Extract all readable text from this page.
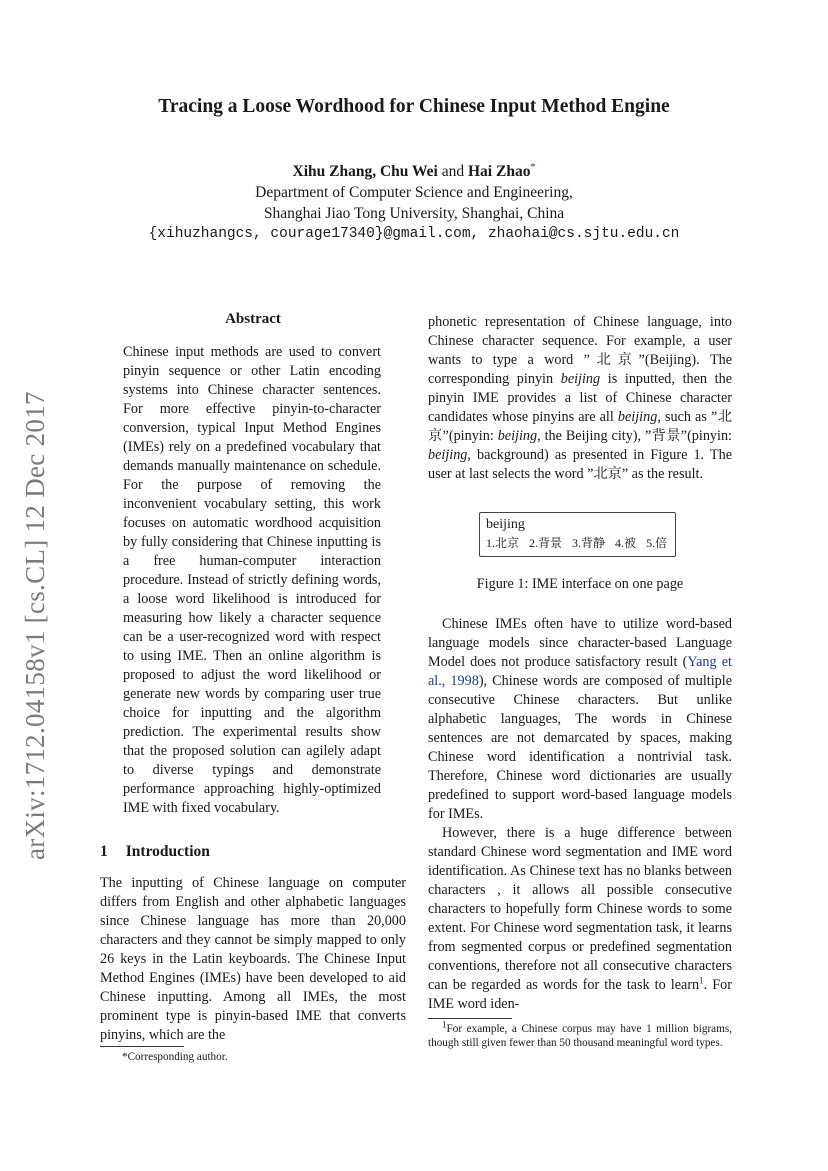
arXiv:1712.04158v1 [cs.CL] 12 Dec 2017
Tracing a Loose Wordhood for Chinese Input Method Engine
Xihu Zhang, Chu Wei and Hai Zhao*
Department of Computer Science and Engineering,
Shanghai Jiao Tong University, Shanghai, China
{xihuzhangcs, courage17340}@gmail.com, zhaohai@cs.sjtu.edu.cn
Abstract
Chinese input methods are used to convert pinyin sequence or other Latin encoding systems into Chinese character sentences. For more effective pinyin-to-character conversion, typical Input Method Engines (IMEs) rely on a predefined vocabulary that demands manually maintenance on schedule. For the purpose of removing the inconvenient vocabulary setting, this work focuses on automatic wordhood acquisition by fully considering that Chinese inputting is a free human-computer interaction procedure. Instead of strictly defining words, a loose word likelihood is introduced for measuring how likely a character sequence can be a user-recognized word with respect to using IME. Then an online algorithm is proposed to adjust the word likelihood or generate new words by comparing user true choice for inputting and the algorithm prediction. The experimental results show that the proposed solution can agilely adapt to diverse typings and demonstrate performance approaching highly-optimized IME with fixed vocabulary.
1 Introduction
The inputting of Chinese language on computer differs from English and other alphabetic languages since Chinese language has more than 20,000 characters and they cannot be simply mapped to only 26 keys in the Latin keyboards. The Chinese Input Method Engines (IMEs) have been developed to aid Chinese inputting. Among all IMEs, the most prominent type is pinyin-based IME that converts pinyins, which are the
*Corresponding author.
phonetic representation of Chinese language, into Chinese character sequence. For example, a user wants to type a word ”北京”(Beijing). The corresponding pinyin beijing is inputted, then the pinyin IME provides a list of Chinese character candidates whose pinyins are all beijing, such as ”北京”(pinyin: beijing, the Beijing city), ”背景”(pinyin: beijing, background) as presented in Figure 1. The user at last selects the word ”北京” as the result.
beijing
1.北京 2.背景 3.背静 4.被 5.倍
Figure 1: IME interface on one page

Chinese IMEs often have to utilize word-based language models since character-based Language Model does not produce satisfactory result (Yang et al., 1998), Chinese words are composed of multiple consecutive Chinese characters. But unlike alphabetic languages, The words in Chinese sentences are not demarcated by spaces, making Chinese word identification a nontrivial task. Therefore, Chinese word dictionaries are usually predefined to support word-based language models for IMEs.

However, there is a huge difference between standard Chinese word segmentation and IME word identification. As Chinese text has no blanks between characters , it allows all possible consecutive characters to hopefully form Chinese words to some extent. For Chinese word segmentation task, it learns from segmented corpus or predefined segmentation conventions, therefore not all consecutive characters can be regarded as words for the task to learn$^1$. For IME word iden-

$^1$For example, a Chinese corpus may have 1 million bigrams, though still given fewer than 50 thousand meaningful word types.
